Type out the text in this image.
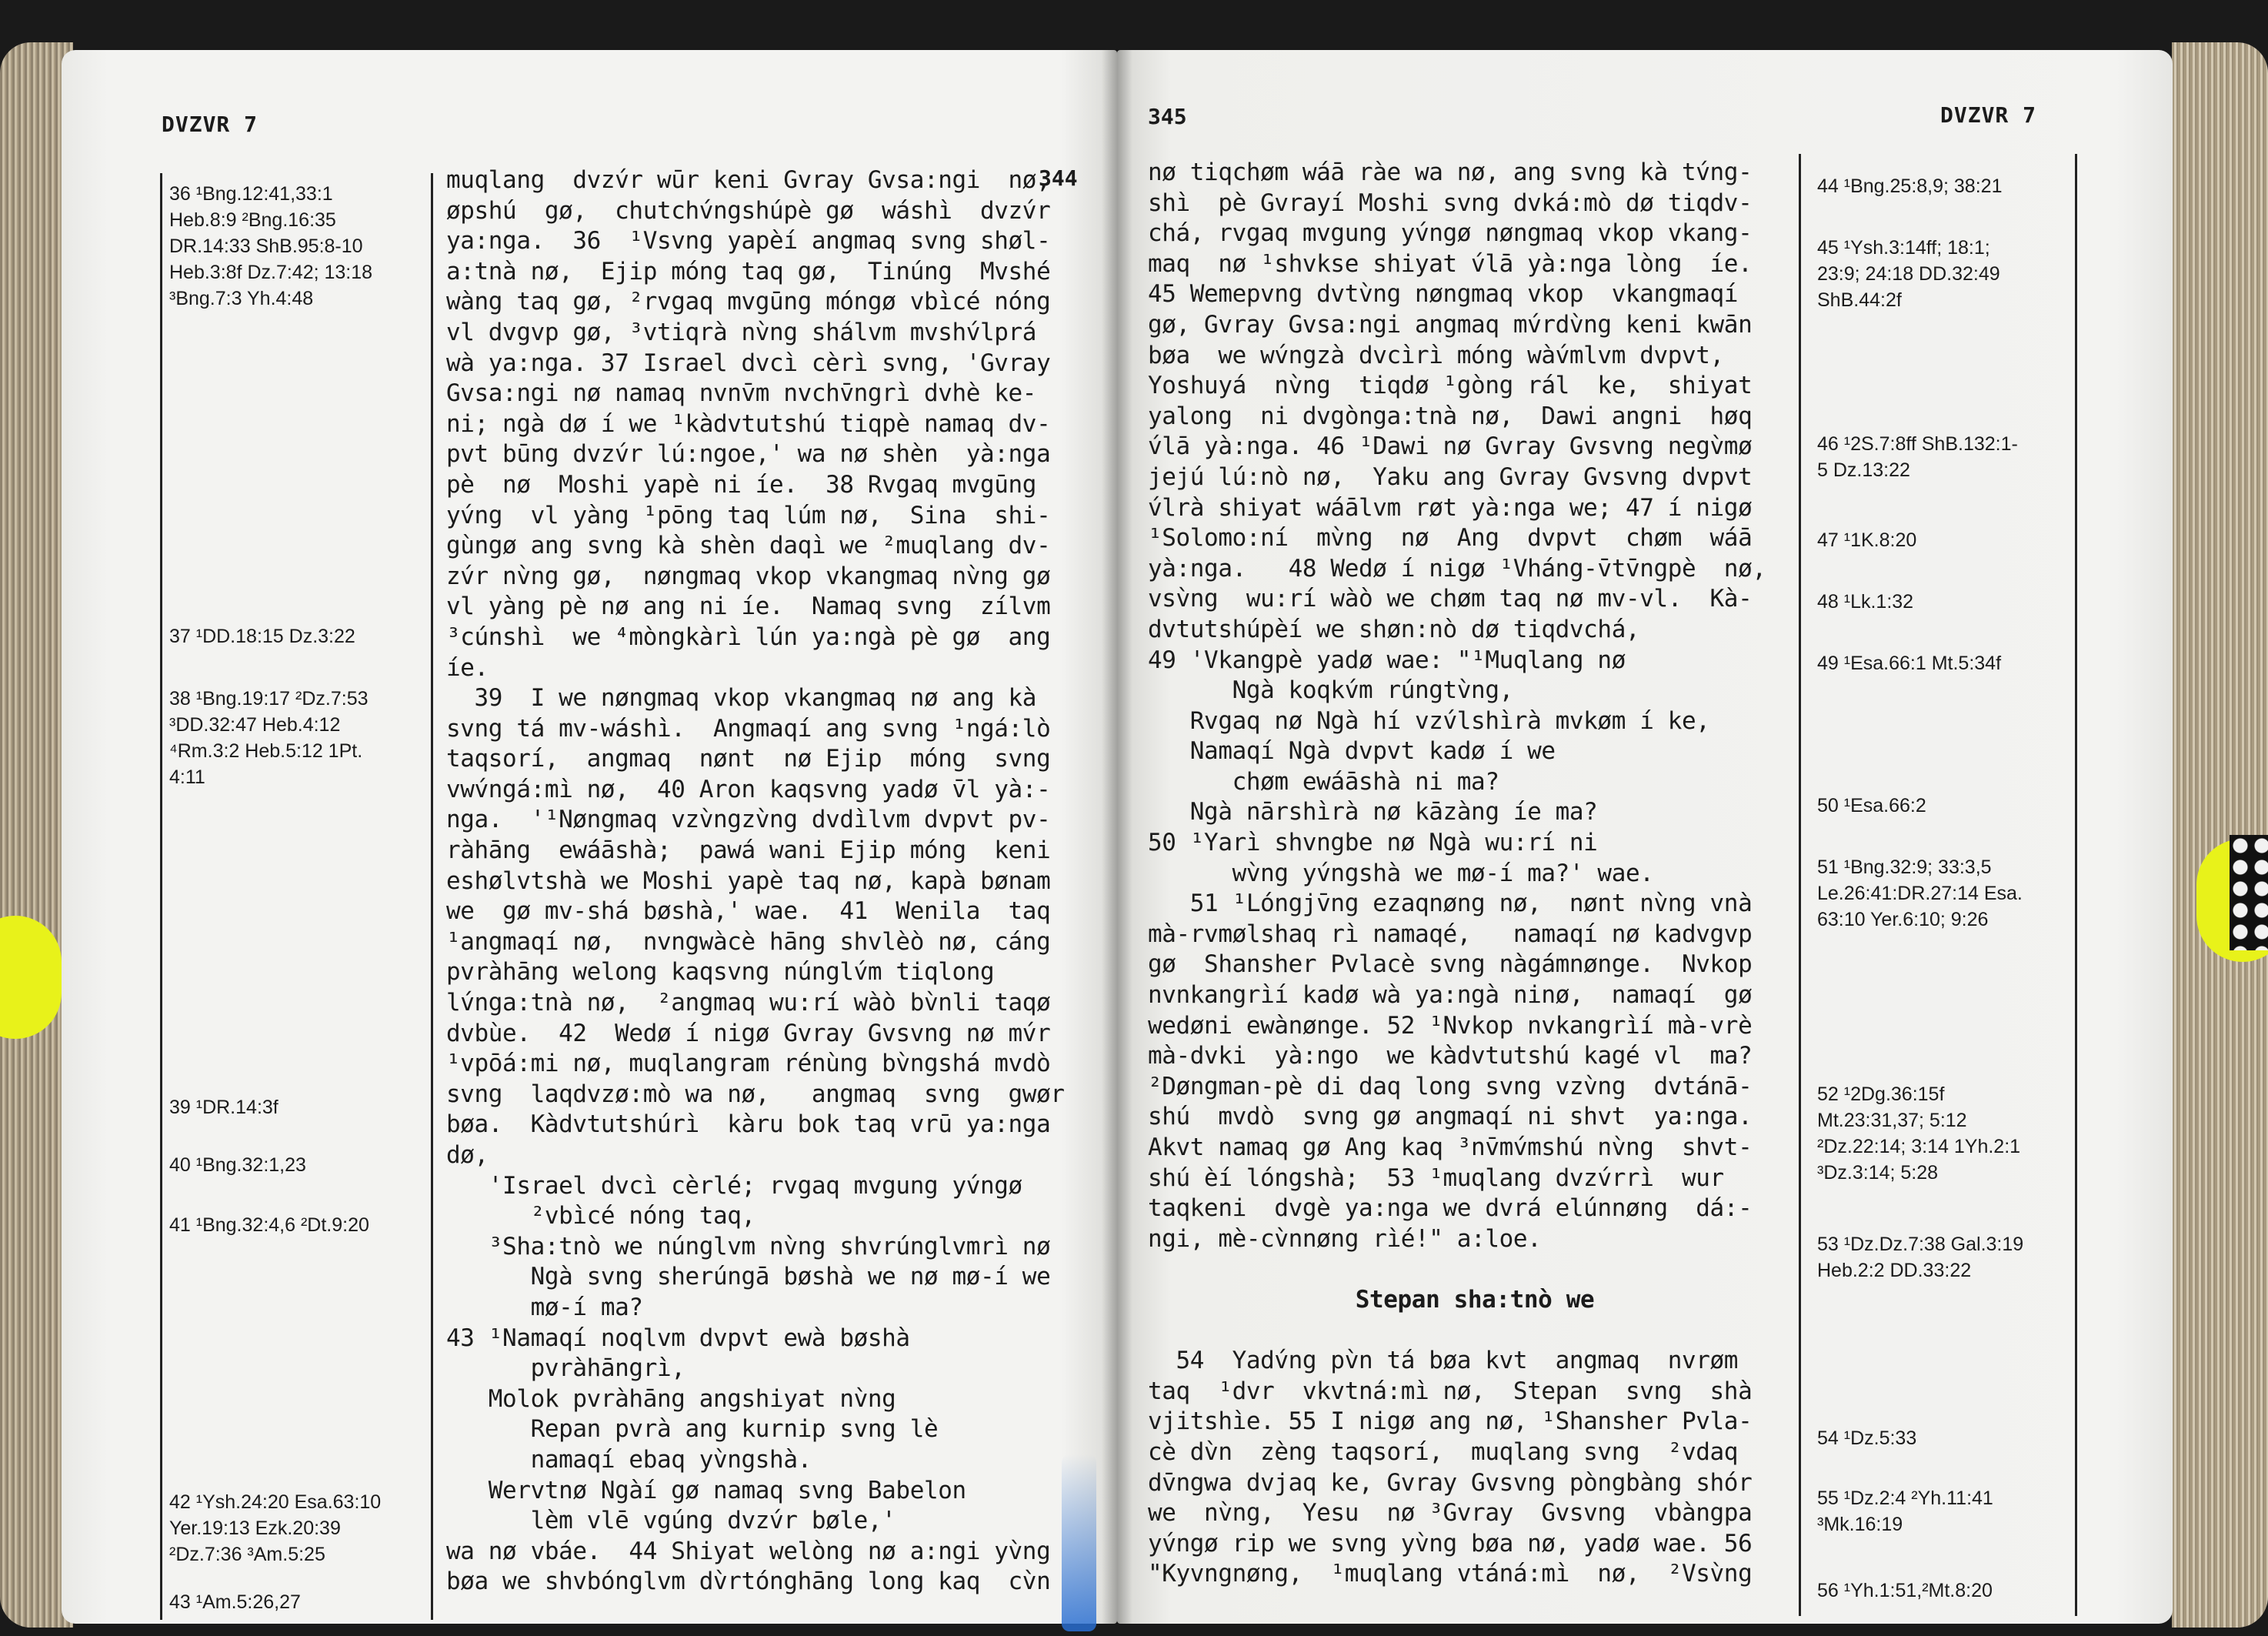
DVZVR 7
344
36 ¹Bng.12:41,33:1
Heb.8:9 ²Bng.16:35
DR.14:33 ShB.95:8-10
Heb.3:8f Dz.7:42; 13:18
³Bng.7:3 Yh.4:48
37 ¹DD.18:15 Dz.3:22
38 ¹Bng.19:17 ²Dz.7:53
³DD.32:47 Heb.4:12
⁴Rm.3:2 Heb.5:12 1Pt.
4:11
39 ¹DR.14:3f
40 ¹Bng.32:1,23
41 ¹Bng.32:4,6 ²Dt.9:20
42 ¹Ysh.24:20 Esa.63:10
Yer.19:13 Ezk.20:39
²Dz.7:36 ³Am.5:25
43 ¹Am.5:26,27
muqlang  dvzv́r wūr keni Gvray Gvsa:ngi  nø,
øpshú  gø,  chutchv́ngshúpè gø  wáshì  dvzv́r
ya:nga.  36  ¹Vsvng yapèí angmaq svng shøl-
a:tnà nø,  Ejip móng taq gø,  Tinúng  Mvshé
wàng taq gø, ²rvgaq mvgūng móngø vbìcé nóng
vl dvgvp gø, ³vtiqrà nv̀ng shálvm mvshv́lprá
wà ya:nga. 37 Israel dvcì cèrì svng, 'Gvray
Gvsa:ngi nø namaq nvnv̄m nvchv̄ngrì dvhè ke-
ni; ngà dø í we ¹kàdvtutshú tiqpè namaq dv-
pvt būng dvzv́r lú:ngoe,' wa nø shèn  yà:nga
pè  nø  Moshi yapè ni íe.  38 Rvgaq mvgūng
yv́ng  vl yàng ¹pōng taq lúm nø,  Sina  shi-
gùngø ang svng kà shèn daqì we ²muqlang dv-
zv́r nv̀ng gø,  nøngmaq vkop vkangmaq nv̀ng gø
vl yàng pè nø ang ni íe.  Namaq svng  zílvm
³cúnshì  we ⁴mòngkàrì lún ya:ngà pè gø  ang
íe.
39  I we nøngmaq vkop vkangmaq nø ang kà
svng tá mv-wáshì.  Angmaqí ang svng ¹ngá:lò
taqsorí,  angmaq  nønt  nø Ejip  móng  svng
vwv́ngá:mì nø,  40 Aron kaqsvng yadø v̄l yà:-
nga.  '¹Nøngmaq vzv̀ngzv̀ng dvdìlvm dvpvt pv-
ràhāng  ewáāshà;  pawá wani Ejip móng  keni
eshølvtshà we Moshi yapè taq nø, kapà bønam
we  gø mv-shá bøshà,' wae.  41  Wenila  taq
¹angmaqí nø,  nvngwàcè hāng shvlèò nø, cáng
pvràhāng welong kaqsvng núnglv́m tiqlong
lv́nga:tnà nø,  ²angmaq wu:rí wàò bv̀nli taqø
dvbùe.  42  Wedø í nigø Gvray Gvsvng nø mv́r
¹vpōá:mi nø, muqlangram rénùng bv̀ngshá mvdò
svng  laqdvzø:mò wa nø,   angmaq  svng  gwør
bøa.  Kàdvtutshúrì  kàru bok taq vrū ya:nga
dø,
'Israel dvcì cèrlé; rvgaq mvgung yv́ngø
²vbìcé nóng taq,
³Sha:tnò we núnglvm nv̀ng shvrúnglvmrì nø
Ngà svng sherúngā bøshà we nø mø-í we
mø-í ma?
43 ¹Namaqí noqlvm dvpvt ewà bøshà
pvràhāngrì,
Molok pvràhāng angshiyat nv̀ng
Repan pvrà ang kurnip svng lè
namaqí ebaq yv̀ngshà.
Wervtnø Ngàí gø namaq svng Babelon
lèm vlē vgúng dvzv́r bøle,'
wa nø vbáe.  44 Shiyat welòng nø a:ngi yv̀ng
bøa we shvbónglvm dv̀rtónghāng long kaq  cv̀n
345	DVZVR 7
nø tiqchøm wáā ràe wa nø, ang svng kà tv́ng-
shì  pè Gvrayí Moshi svng dvká:mò dø tiqdv-
chá, rvgaq mvgung yv́ngø nøngmaq vkop vkang-
maq  nø ¹shvkse shiyat v́lā yà:nga lòng  íe.
45 Wemepvng dvtv̀ng nøngmaq vkop  vkangmaqí
gø, Gvray Gvsa:ngi angmaq mv́rdv̀ng keni kwān
bøa  we wv́ngzà dvcìrì móng wàv́mlvm dvpvt,
Yoshuyá  nv̀ng  tiqdø ¹gòng rál  ke,  shiyat
yalong  ni dvgònga:tnà nø,  Dawi angni  høq
v́lā yà:nga. 46 ¹Dawi nø Gvray Gvsvng negv̀mø
jejú lú:nò nø,  Yaku ang Gvray Gvsvng dvpvt
v́lrà shiyat wáālvm røt yà:nga we; 47 í nigø
¹Solomo:ní  mv̀ng  nø  Ang  dvpvt  chøm  wáā
yà:nga.   48 Wedø í nigø ¹Vháng-v̄tv̄ngpè  nø,
vsv̀ng  wu:rí wàò we chøm taq nø mv-vl.  Kà-
dvtutshúpèí we shøn:nò dø tiqdvchá,
49 'Vkangpè yadø wae: "¹Muqlang nø
Ngà koqkv́m rúngtv̀ng,
Rvgaq nø Ngà hí vzv́lshìrà mvkøm í ke,
Namaqí Ngà dvpvt kadø í we
chøm ewáāshà ni ma?
Ngà nārshìrà nø kāzàng íe ma?
50 ¹Yarì shvngbe nø Ngà wu:rí ni
wv̀ng yv́ngshà we mø-í ma?' wae.
51 ¹Lóngjv̄ng ezaqnøng nø,  nønt nv̀ng vnà
mà-rvmølshaq rì namaqé,   namaqí nø kadvgvp
gø  Shansher Pvlacè svng nàgámnønge.  Nvkop
nvnkangrìí kadø wà ya:ngà ninø,  namaqí  gø
wedøni ewànønge. 52 ¹Nvkop nvkangrìí mà-vrè
mà-dvki  yà:ngo  we kàdvtutshú kagé vl  ma?
²Døngman-pè di daq long svng vzv̀ng  dvtánā-
shú  mvdò  svng gø angmaqí ni shvt  ya:nga.
Akvt namaq gø Ang kaq ³nv̄mv́mshú nv̀ng  shvt-
shú èí lóngshà;  53 ¹muqlang dvzv́rrì  wur
taqkeni  dvgè ya:nga we dvrá elúnnøng  dá:-
ngi, mè-cv̀nnøng rìé!" a:loe.

Stepan sha:tnò we

54  Yadv́ng pv̀n tá bøa kvt  angmaq  nvrøm
taq  ¹dvr  vkvtná:mì nø,  Stepan  svng  shà
vjitshìe. 55 I nigø ang nø, ¹Shansher Pvla-
cè dv̀n  zèng taqsorí,  muqlang svng  ²vdaq
dv̄ngwa dvjaq ke, Gvray Gvsvng pòngbàng shór
we  nv̀ng,  Yesu  nø ³Gvray  Gvsvng  vbàngpa
yv́ngø rip we svng yv̀ng bøa nø, yadø wae. 56
"Kyvngnøng,  ¹muqlang vtáná:mì  nø,  ²Vsv̀ng
44 ¹Bng.25:8,9; 38:21
45 ¹Ysh.3:14ff; 18:1;
23:9; 24:18 DD.32:49
ShB.44:2f
46 ¹2S.7:8ff ShB.132:1-
5 Dz.13:22
47 ¹1K.8:20
48 ¹Lk.1:32
49 ¹Esa.66:1 Mt.5:34f
50 ¹Esa.66:2
51 ¹Bng.32:9; 33:3,5
Le.26:41:DR.27:14 Esa.
63:10 Yer.6:10; 9:26
52 ¹2Dg.36:15f
Mt.23:31,37; 5:12
²Dz.22:14; 3:14 1Yh.2:1
³Dz.3:14; 5:28
53 ¹Dz.Dz.7:38 Gal.3:19
Heb.2:2 DD.33:22
54 ¹Dz.5:33
55 ¹Dz.2:4 ²Yh.11:41
³Mk.16:19
56 ¹Yh.1:51,²Mt.8:20
